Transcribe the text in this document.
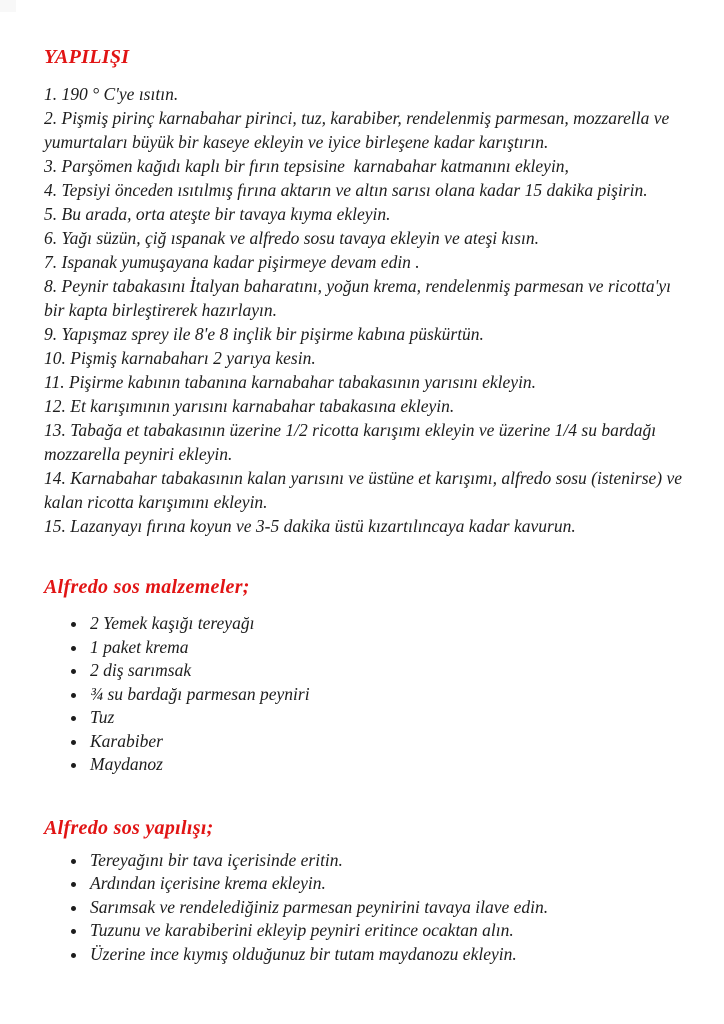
YAPILIŞI

1. 190 ° C'ye ısıtın.

2. Pişmiş pirinç karnabahar pirinci, tuz, karabiber, rendelenmiş parmesan, mozzarella ve yumurtaları büyük bir kaseye ekleyin ve iyice birleşene kadar karıştırın.

3. Parşömen kağıdı kaplı bir fırın tepsisine  karnabahar katmanını ekleyin,

4. Tepsiyi önceden ısıtılmış fırına aktarın ve altın sarısı olana kadar 15 dakika pişirin.

5. Bu arada, orta ateşte bir tavaya kıyma ekleyin.

6. Yağı süzün, çiğ ıspanak ve alfredo sosu tavaya ekleyin ve ateşi kısın.

7. Ispanak yumuşayana kadar pişirmeye devam edin .

8. Peynir tabakasını İtalyan baharatını, yoğun krema, rendelenmiş parmesan ve ricotta'yı bir kapta birleştirerek hazırlayın.

9. Yapışmaz sprey ile 8'e 8 inçlik bir pişirme kabına püskürtün.

10. Pişmiş karnabaharı 2 yarıya kesin.

11. Pişirme kabının tabanına karnabahar tabakasının yarısını ekleyin.

12. Et karışımının yarısını karnabahar tabakasına ekleyin.

13. Tabağa et tabakasının üzerine 1/2 ricotta karışımı ekleyin ve üzerine 1/4 su bardağı mozzarella peyniri ekleyin.

14. Karnabahar tabakasının kalan yarısını ve üstüne et karışımı, alfredo sosu (istenirse) ve kalan ricotta karışımını ekleyin.

15. Lazanyayı fırına koyun ve 3-5 dakika üstü kızartılıncaya kadar kavurun.

Alfredo sos malzemeler;
• 2 Yemek kaşığı tereyağı
• 1 paket krema
• 2 diş sarımsak
• ¾ su bardağı parmesan peyniri
• Tuz
• Karabiber
• Maydanoz
Alfredo sos yapılışı;
• Tereyağını bir tava içerisinde eritin.
• Ardından içerisine krema ekleyin.
• Sarımsak ve rendelediğiniz parmesan peynirini tavaya ilave edin.
• Tuzunu ve karabiberini ekleyip peyniri eritince ocaktan alın.
• Üzerine ince kıymış olduğunuz bir tutam maydanozu ekleyin.
